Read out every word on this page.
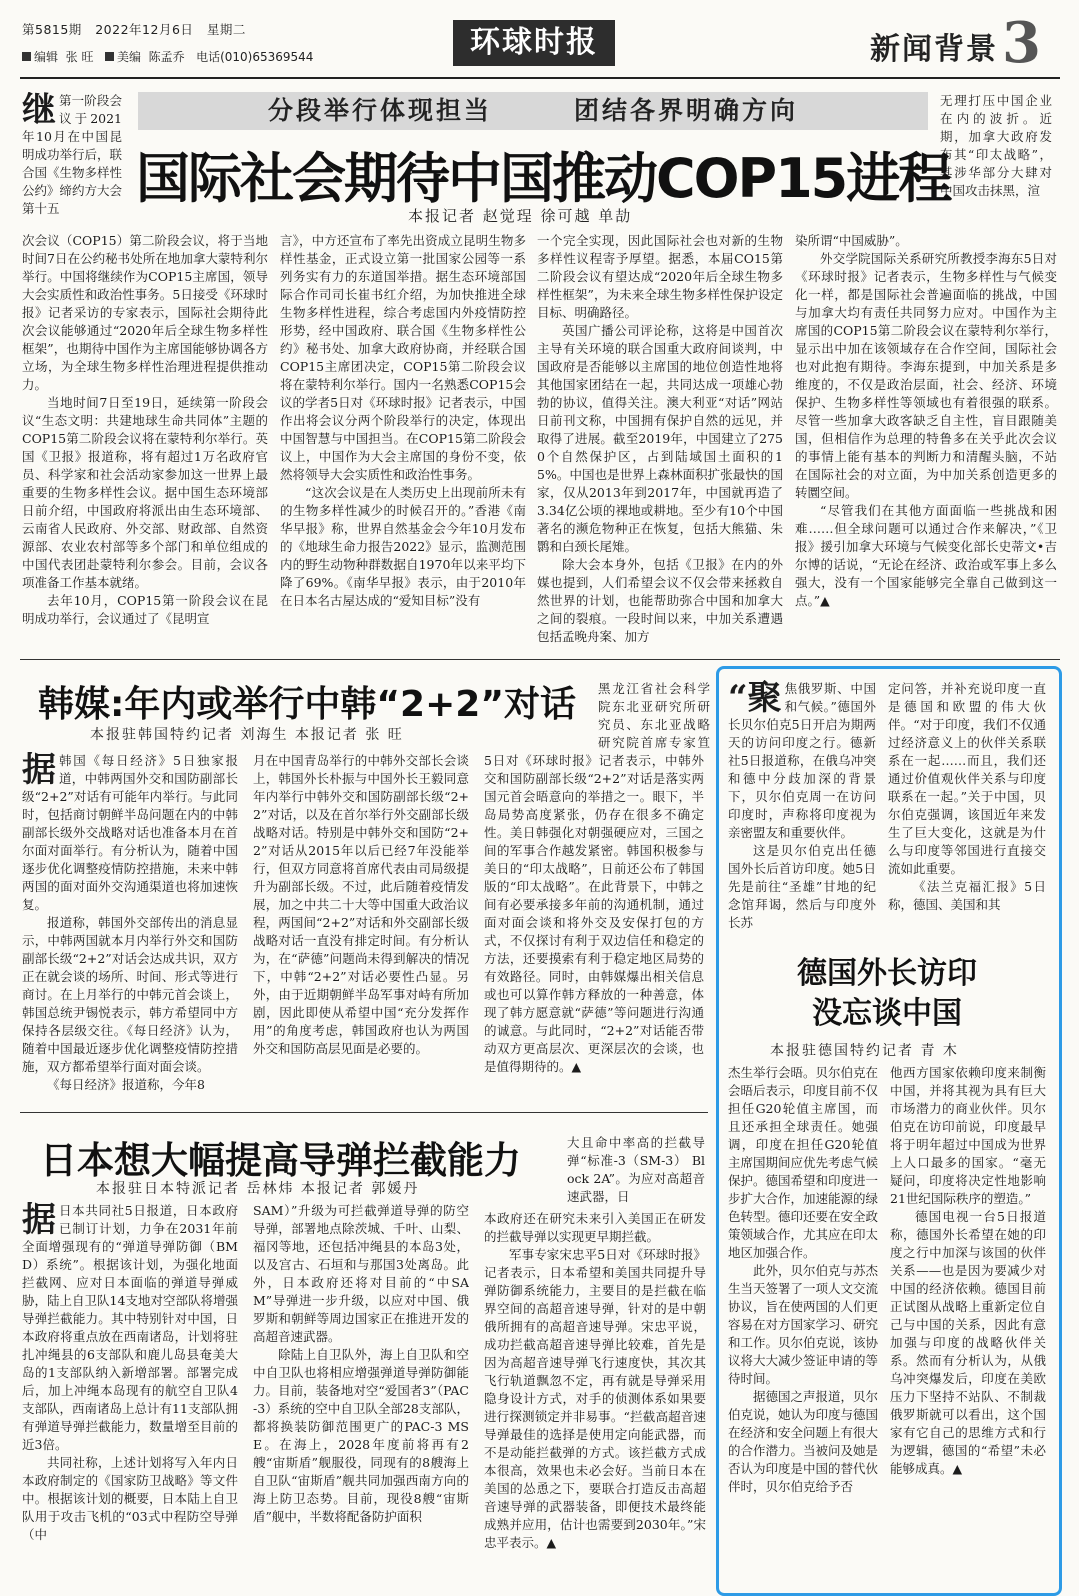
第5815期 2022年12月6日 星期二
编辑 张 旺 美编 陈孟乔 电话(010)65369544	环球时报	新闻背景 3
继 第一阶段会议于2021年10月在中国昆明成功举行后，联合国《生物多样性公约》缔约方大会第十五
分段举行体现担当	团结各界明确方向
国际社会期待中国推动COP15进程
本报记者 赵觉珵 徐可越 单劼
无理打压中国企业在内的波折。近期，加拿大政府发布其“印太战略”，其涉华部分大肆对中国攻击抹黑，渲

次会议（COP15）第二阶段会议，将于当地时间7日在公约秘书处所在地加拿大蒙特利尔举行。中国将继续作为COP15主席国，领导大会实质性和政治性事务。5日接受《环球时报》记者采访的专家表示，国际社会期待此次会议能够通过“2020年后全球生物多样性框架”，也期待中国作为主席国能够协调各方立场，为全球生物多样性治理进程提供推动力。

当地时间7日至19日，延续第一阶段会议“生态文明：共建地球生命共同体”主题的COP15第二阶段会议将在蒙特利尔举行。英国《卫报》报道称，将有超过1万名政府官员、科学家和社会活动家参加这一世界上最重要的生物多样性会议。据中国生态环境部日前介绍，中国政府将派出由生态环境部、云南省人民政府、外交部、财政部、自然资源部、农业农村部等多个部门和单位组成的中国代表团赴蒙特利尔参会。目前，会议各项准备工作基本就绪。

去年10月，COP15第一阶段会议在昆明成功举行，会议通过了《昆明宣

言》，中方还宣布了率先出资成立昆明生物多样性基金，正式设立第一批国家公园等一系列务实有力的东道国举措。据生态环境部国际合作司司长崔书红介绍，为加快推进全球生物多样性进程，综合考虑国内外疫情防控形势，经中国政府、联合国《生物多样性公约》秘书处、加拿大政府协商，并经联合国COP15主席团决定，COP15第二阶段会议将在蒙特利尔举行。国内一名熟悉COP15会议的学者5日对《环球时报》记者表示，中国作出将会议分两个阶段举行的决定，体现出中国智慧与中国担当。在COP15第二阶段会议上，中国作为大会主席国的身份不变，依然将领导大会实质性和政治性事务。

“这次会议是在人类历史上出现前所未有的生物多样性减少的时候召开的。”香港《南华早报》称，世界自然基金会今年10月发布的《地球生命力报告2022》显示，监测范围内的野生动物种群数据自1970年以来平均下降了69%。《南华早报》表示，由于2010年在日本名古屋达成的“爱知目标”没有

一个完全实现，因此国际社会也对新的生物多样性议程寄予厚望。据悉，本届CO15第二阶段会议有望达成“2020年后全球生物多样性框架”，为未来全球生物多样性保护设定目标、明确路径。

英国广播公司评论称，这将是中国首次主导有关环境的联合国重大政府间谈判，中国政府是否能够以主席国的地位创造性地将其他国家团结在一起，共同达成一项雄心勃勃的协议，值得关注。澳大利亚“对话”网站日前刊文称，中国拥有保护自然的远见，并取得了进展。截至2019年，中国建立了2750个自然保护区，占到陆域国土面积的15%。中国也是世界上森林面积扩张最快的国家，仅从2013年到2017年，中国就再造了3.34亿公顷的裸地或耕地。至少有10个中国著名的濒危物种正在恢复，包括大熊猫、朱鹮和白颈长尾雉。

除大会本身外，包括《卫报》在内的外媒也提到，人们希望会议不仅会带来拯救自然世界的计划，也能帮助弥合中国和加拿大之间的裂痕。一段时间以来，中加关系遭遇包括孟晚舟案、加方

染所谓“中国威胁”。

外交学院国际关系研究所教授李海东5日对《环球时报》记者表示，生物多样性与气候变化一样，都是国际社会普遍面临的挑战，中国与加拿大均有责任共同努力应对。中国作为主席国的COP15第二阶段会议在蒙特利尔举行，显示出中加在该领域存在合作空间，国际社会也对此抱有期待。李海东提到，中加关系是多维度的，不仅是政治层面，社会、经济、环境保护、生物多样性等领域也有着很强的联系。尽管一些加拿大政客缺乏自主性，盲目跟随美国，但相信作为总理的特鲁多在关乎此次会议的事情上能有基本的判断力和清醒头脑，不站在国际社会的对立面，为中加关系创造更多的转圜空间。

“尽管我们在其他方面面临一些挑战和困难……但全球问题可以通过合作来解决，”《卫报》援引加拿大环境与气候变化部长史蒂文•吉尔博的话说，“无论在经济、政治或军事上多么强大，没有一个国家能够完全靠自己做到这一点。”▲

韩媒:年内或举行中韩“2+2”对话
本报驻韩国特约记者 刘海生 本报记者 张 旺
黑龙江省社会科学院东北亚研究所研究员、东北亚战略研究院首席专家笪

据韩国《每日经济》5日独家报道，中韩两国外交和国防副部长级“2+2”对话有可能年内举行。与此同时，包括商讨朝鲜半岛问题在内的中韩副部长级外交战略对话也准备本月在首尔面对面举行。有分析认为，随着中国逐步优化调整疫情防控措施，未来中韩两国的面对面外交沟通渠道也将加速恢复。

报道称，韩国外交部传出的消息显示，中韩两国就本月内举行外交和国防副部长级“2+2”对话会达成共识，双方正在就会谈的场所、时间、形式等进行商讨。在上月举行的中韩元首会谈上，韩国总统尹锡悦表示，韩方希望同中方保持各层级交往。《每日经济》认为，随着中国最近逐步优化调整疫情防控措施，双方都希望举行面对面会谈。

《每日经济》报道称，今年8

月在中国青岛举行的中韩外交部长会谈上，韩国外长朴振与中国外长王毅同意年内举行中韩外交和国防副部长级“2+2”对话，以及在首尔举行外交副部长级战略对话。特别是中韩外交和国防“2+2”对话从2015年以后已经7年没能举行，但双方同意将首席代表由司局级提升为副部长级。不过，此后随着疫情发展，加之中共二十大等中国重大政治议程，两国间“2+2”对话和外交副部长级战略对话一直没有排定时间。有分析认为，在“萨德”问题尚未得到解决的情况下，中韩“2+2”对话必要性凸显。另外，由于近期朝鲜半岛军事对峙有所加剧，因此即使从希望中国“充分发挥作用”的角度考虑，韩国政府也认为两国外交和国防高层见面是必要的。

5日对《环球时报》记者表示，中韩外交和国防副部长级“2+2”对话是落实两国元首会晤意向的举措之一。眼下，半岛局势高度紧张，仍存在很多不确定性。美日韩强化对朝强硬应对，三国之间的军事合作越发紧密。韩国积极参与美日的“印太战略”，日前还公布了韩国版的“印太战略”。在此背景下，中韩之间有必要承接多年前的沟通机制，通过面对面会谈和将外交及安保打包的方式，不仅探讨有利于双边信任和稳定的方法，还要摸索有利于稳定地区局势的有效路径。同时，由韩媒爆出相关信息或也可以算作韩方释放的一种善意，体现了韩方愿意就“萨德”等问题进行沟通的诚意。与此同时，“2+2”对话能否带动双方更高层次、更深层次的会谈，也是值得期待的。▲

日本想大幅提高导弹拦截能力
本报驻日本特派记者 岳林炜 本报记者 郭媛丹
大且命中率高的拦截导弹“标准-3（SM-3） Block 2A”。为应对高超音速武器，日

据日本共同社5日报道，日本政府已制订计划，力争在2031年前全面增强现有的“弹道导弹防御（BMD）系统”。根据该计划，为强化地面拦截网、应对日本面临的弹道导弹威胁，陆上自卫队14支地对空部队将增强导弹拦截能力。其中特别针对中国，日本政府将重点放在西南诸岛，计划将驻扎冲绳县的6支部队和鹿儿岛县奄美大岛的1支部队纳入新增部署。部署完成后，加上冲绳本岛现有的航空自卫队4支部队，西南诸岛上总计有11支部队拥有弹道导弹拦截能力，数量增至目前的近3倍。

共同社称，上述计划将写入年内日本政府制定的《国家防卫战略》等文件中。根据该计划的概要，日本陆上自卫队用于攻击飞机的“03式中程防空导弹（中

SAM）”升级为可拦截弹道导弹的防空导弹，部署地点除茨城、千叶、山梨、福冈等地，还包括冲绳县的本岛3处，以及宫古、石垣和与那国3处离岛。此外，日本政府还将对目前的“中SAM”导弹进一步升级，以应对中国、俄罗斯和朝鲜等周边国家正在推进开发的高超音速武器。

除陆上自卫队外，海上自卫队和空中自卫队也将相应增强弹道导弹防御能力。目前，装备地对空“爱国者3”（PAC-3）系统的空中自卫队全部28支部队，都将换装防御范围更广的PAC-3 MSE。在海上，2028年度前将再有2艘“宙斯盾”舰服役，同现有的8艘海上自卫队“宙斯盾”舰共同加强西南方向的海上防卫态势。目前，现役8艘“宙斯盾”舰中，半数将配备防护面积

本政府还在研究未来引入美国正在研发的拦截导弹以实现更早期拦截。

军事专家宋忠平5日对《环球时报》记者表示，日本希望和美国共同提升导弹防御系统能力，主要目的是拦截在临界空间的高超音速导弹，针对的是中朝俄所拥有的高超音速导弹。宋忠平说，成功拦截高超音速导弹比较难，首先是因为高超音速导弹飞行速度快，其次其飞行轨道飘忽不定，再有就是导弹采用隐身设计方式，对手的侦测体系如果要进行探测锁定并非易事。“拦截高超音速导弹最佳的选择是使用定向能武器，而不是动能拦截弹的方式。该拦截方式成本很高，效果也未必会好。当前日本在美国的怂恿之下，要联合打造反击高超音速导弹的武器装备，即便技术最终能成熟并应用，估计也需要到2030年。”宋忠平表示。▲

“聚焦俄罗斯、中国和气候。”德国外长贝尔伯克5日开启为期两天的访问印度之行。德新社5日报道称，在俄乌冲突和德中分歧加深的背景下，贝尔伯克周一在访问印度时，声称将印度视为亲密盟友和重要伙伴。

这是贝尔伯克出任德国外长后首访印度。她5日先是前往“圣雄”甘地的纪念馆拜谒，然后与印度外长苏

定问答，并补充说印度一直是德国和欧盟的伟大伙伴。“对于印度，我们不仅通过经济意义上的伙伴关系联系在一起……而且，我们还通过价值观伙伴关系与印度联系在一起。”关于中国，贝尔伯克强调，该国近年来发生了巨大变化，这就是为什么与印度等邻国进行直接交流如此重要。

《法兰克福汇报》5日称，德国、美国和其

德国外长访印
没忘谈中国
本报驻德国特约记者 青 木

杰生举行会晤。贝尔伯克在会晤后表示，印度目前不仅担任G20轮值主席国，而且还承担全球责任。她强调，印度在担任G20轮值主席国期间应优先考虑气候保护。德国希望和印度进一步扩大合作，加速能源的绿色转型。德印还要在安全政策领域合作，尤其应在印太地区加强合作。

此外，贝尔伯克与苏杰生当天签署了一项人文交流协议，旨在使两国的人们更容易在对方国家学习、研究和工作。贝尔伯克说，该协议将大大减少签证申请的等待时间。

据德国之声报道，贝尔伯克说，她认为印度与德国在经济和安全问题上有很大的合作潜力。当被问及她是否认为印度是中国的替代伙伴时，贝尔伯克给予否

他西方国家依赖印度来制衡中国，并将其视为具有巨大市场潜力的商业伙伴。贝尔伯克在访印前说，印度最早将于明年超过中国成为世界上人口最多的国家。“毫无疑问，印度将决定性地影响21世纪国际秩序的塑造。”

德国电视一台5日报道称，德国外长希望在她的印度之行中加深与该国的伙伴关系——也是因为要减少对中国的经济依赖。德国目前正试图从战略上重新定位自己与中国的关系，因此有意加强与印度的战略伙伴关系。然而有分析认为，从俄乌冲突爆发后，印度在美欧压力下坚持不站队、不制裁俄罗斯就可以看出，这个国家有它自己的思维方式和行为逻辑，德国的“希望”未必能够成真。▲
